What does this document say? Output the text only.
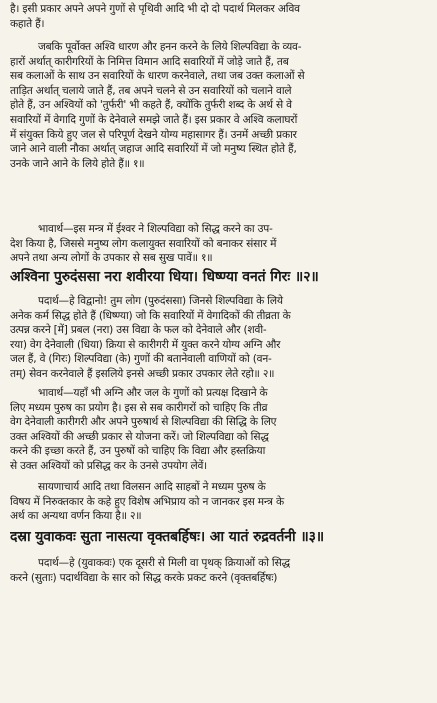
है। इसी प्रकार अपने अपने गुणों से पृथिवी आदि भी दो दो पदार्थ मिलकर अविव
कहाते हैं।
जबकि पूर्वोक्त अश्वि धारण और हनन करने के लिये शिल्पविद्या के व्यव-
हारों अर्थात् कारीगरियों के निमित्त विमान आदि सवारियों में जोड़े जाते हैं, तब
सब कलाओं के साथ उन सवारियों के धारण करनेवाले, तथा जब उक्त कलाओं से
ताड़ित अर्थात् चलाये जाते हैं, तब अपने चलने से उन सवारियों को चलाने वाले
होते हैं, उन अश्वियों को 'तुर्फरी' भी कहते हैं, क्योंकि तुर्फरी शब्द के अर्थ से वे
सवारियों में वेगादि गुणों के देनेवाले समझे जाते हैं। इस प्रकार वे अश्वि कलाघरों
में संयुक्त किये हुए जल से परिपूर्ण देखने योग्य महासागर हैं। उनमें अच्छी प्रकार
जाने आने वाली नौका अर्थात् जहाज आदि सवारियों में जो मनुष्य स्थित होते हैं,
उनके जाने आने के लिये होते हैं॥ १॥
भावार्थ—इस मन्त्र में ईश्वर ने शिल्पविद्या को सिद्ध करने का उप-
देश किया है, जिससे मनुष्य लोग कलायुक्त सवारियों को बनाकर संसार में
अपने तथा अन्य लोगों के उपकार से सब सुख पावें॥ १॥
अश्विना पुरुदंससा नरा शवीरया धिया। धिष्ण्या वनतं गिरः ॥२॥
पदार्थ—हे विद्वानो! तुम लोग (पुरुदंससा) जिनसे शिल्पविद्या के लिये
अनेक कर्म सिद्ध होते हैं (धिष्ण्या) जो कि सवारियों में वेगादिकों की तीव्रता के
उत्पन्न करने [में] प्रबल (नरा) उस विद्या के फल को देनेवाले और (शवी-
रया) वेग देनेवाली (धिया) क्रिया से कारीगरी में युक्त करने योग्य अग्नि और
जल हैं, वे (गिरः) शिल्पविद्या (के) गुणों की बतानेवाली वाणियों को (वन-
तम्) सेवन करनेवाले हैं इसलिये इनसे अच्छी प्रकार उपकार लेते रहो॥ २॥
भावार्थ—यहाँ भी अग्नि और जल के गुणों को प्रत्यक्ष दिखाने के
लिए मध्यम पुरुष का प्रयोग है। इस से सब कारीगरों को चाहिए कि तीव्र
वेग देनेवाली कारीगरी और अपने पुरुषार्थ से शिल्पविद्या की सिद्धि के लिए
उक्त अश्वियों की अच्छी प्रकार से योजना करें। जो शिल्पविद्या को सिद्ध
करने की इच्छा करते हैं, उन पुरुषों को चाहिए कि विद्या और हस्तक्रिया
से उक्त अश्वियों को प्रसिद्ध कर के उनसे उपयोग लेवें।
सायणाचार्य आदि तथा विलसन आदि साहबों ने मध्यम पुरुष के
विषय में निरुक्तकार के कहे हुए विशेष अभिप्राय को न जानकर इस मन्त्र के
अर्थ का अन्यथा वर्णन किया है॥ २॥
दस्रा युवाकवः सुता नासत्या वृक्तबर्हिषः। आ यातं रुद्रवर्तनी ॥३॥
पदार्थ—हे (युवाकवः) एक दूसरी से मिली वा पृथक् क्रियाओं को सिद्ध
करने (सुताः) पदार्थविद्या के सार को सिद्ध करके प्रकट करने (वृक्तबर्हिषः)
